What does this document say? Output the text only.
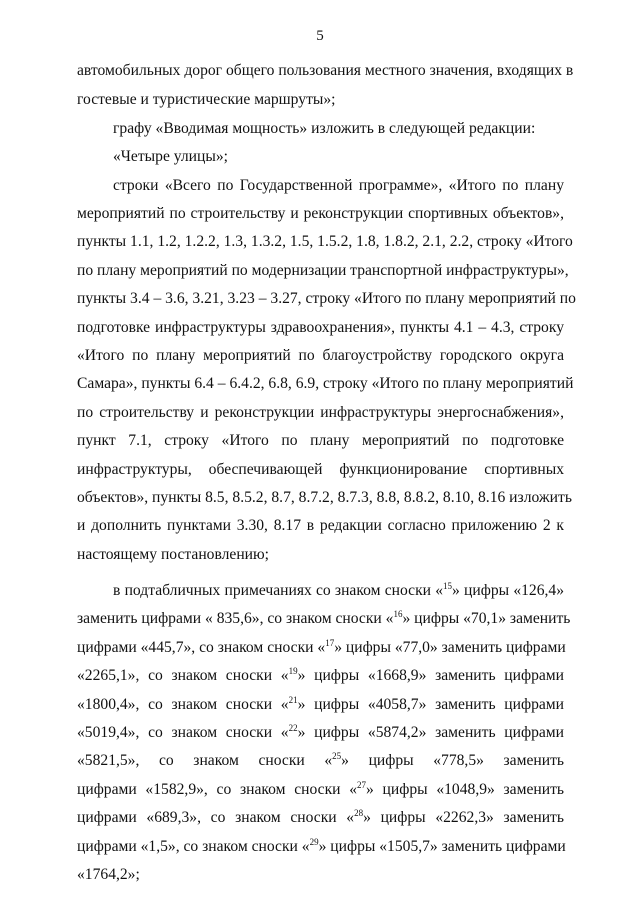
5
автомобильных дорог общего пользования местного значения, входящих в
гостевые и туристические маршруты»;
графу «Вводимая мощность» изложить в следующей редакции:
«Четыре улицы»;
строки «Всего по Государственной программе», «Итого по плану
мероприятий по строительству и реконструкции спортивных объектов»,
пункты 1.1, 1.2, 1.2.2, 1.3, 1.3.2, 1.5, 1.5.2, 1.8, 1.8.2, 2.1, 2.2, строку «Итого
по плану мероприятий по модернизации транспортной инфраструктуры»,
пункты 3.4 – 3.6, 3.21, 3.23 – 3.27, строку «Итого по плану мероприятий по
подготовке инфраструктуры здравоохранения», пункты 4.1 – 4.3, строку
«Итого по плану мероприятий по благоустройству городского округа
Самара», пункты 6.4 – 6.4.2, 6.8, 6.9, строку «Итого по плану мероприятий
по строительству и реконструкции инфраструктуры энергоснабжения»,
пункт 7.1, строку «Итого по плану мероприятий по подготовке
инфраструктуры, обеспечивающей функционирование спортивных
объектов», пункты 8.5, 8.5.2, 8.7, 8.7.2, 8.7.3, 8.8, 8.8.2, 8.10, 8.16 изложить
и дополнить пунктами 3.30, 8.17 в редакции согласно приложению 2 к
настоящему постановлению;
в подтабличных примечаниях со знаком сноски «$^{15}$» цифры «126,4»
заменить цифрами « 835,6», со знаком сноски «$^{16}$» цифры «70,1» заменить
цифрами «445,7», со знаком сноски «$^{17}$» цифры «77,0» заменить цифрами
«2265,1», со знаком сноски «$^{19}$» цифры «1668,9» заменить цифрами
«1800,4», со знаком сноски «$^{21}$» цифры «4058,7» заменить цифрами
«5019,4», со знаком сноски «$^{22}$» цифры «5874,2» заменить цифрами
«5821,5», со знаком сноски «$^{25}$» цифры «778,5» заменить
цифрами «1582,9», со знаком сноски «$^{27}$» цифры «1048,9» заменить
цифрами «689,3», со знаком сноски «$^{28}$» цифры «2262,3» заменить
цифрами «1,5», со знаком сноски «$^{29}$» цифры «1505,7» заменить цифрами
«1764,2»;
